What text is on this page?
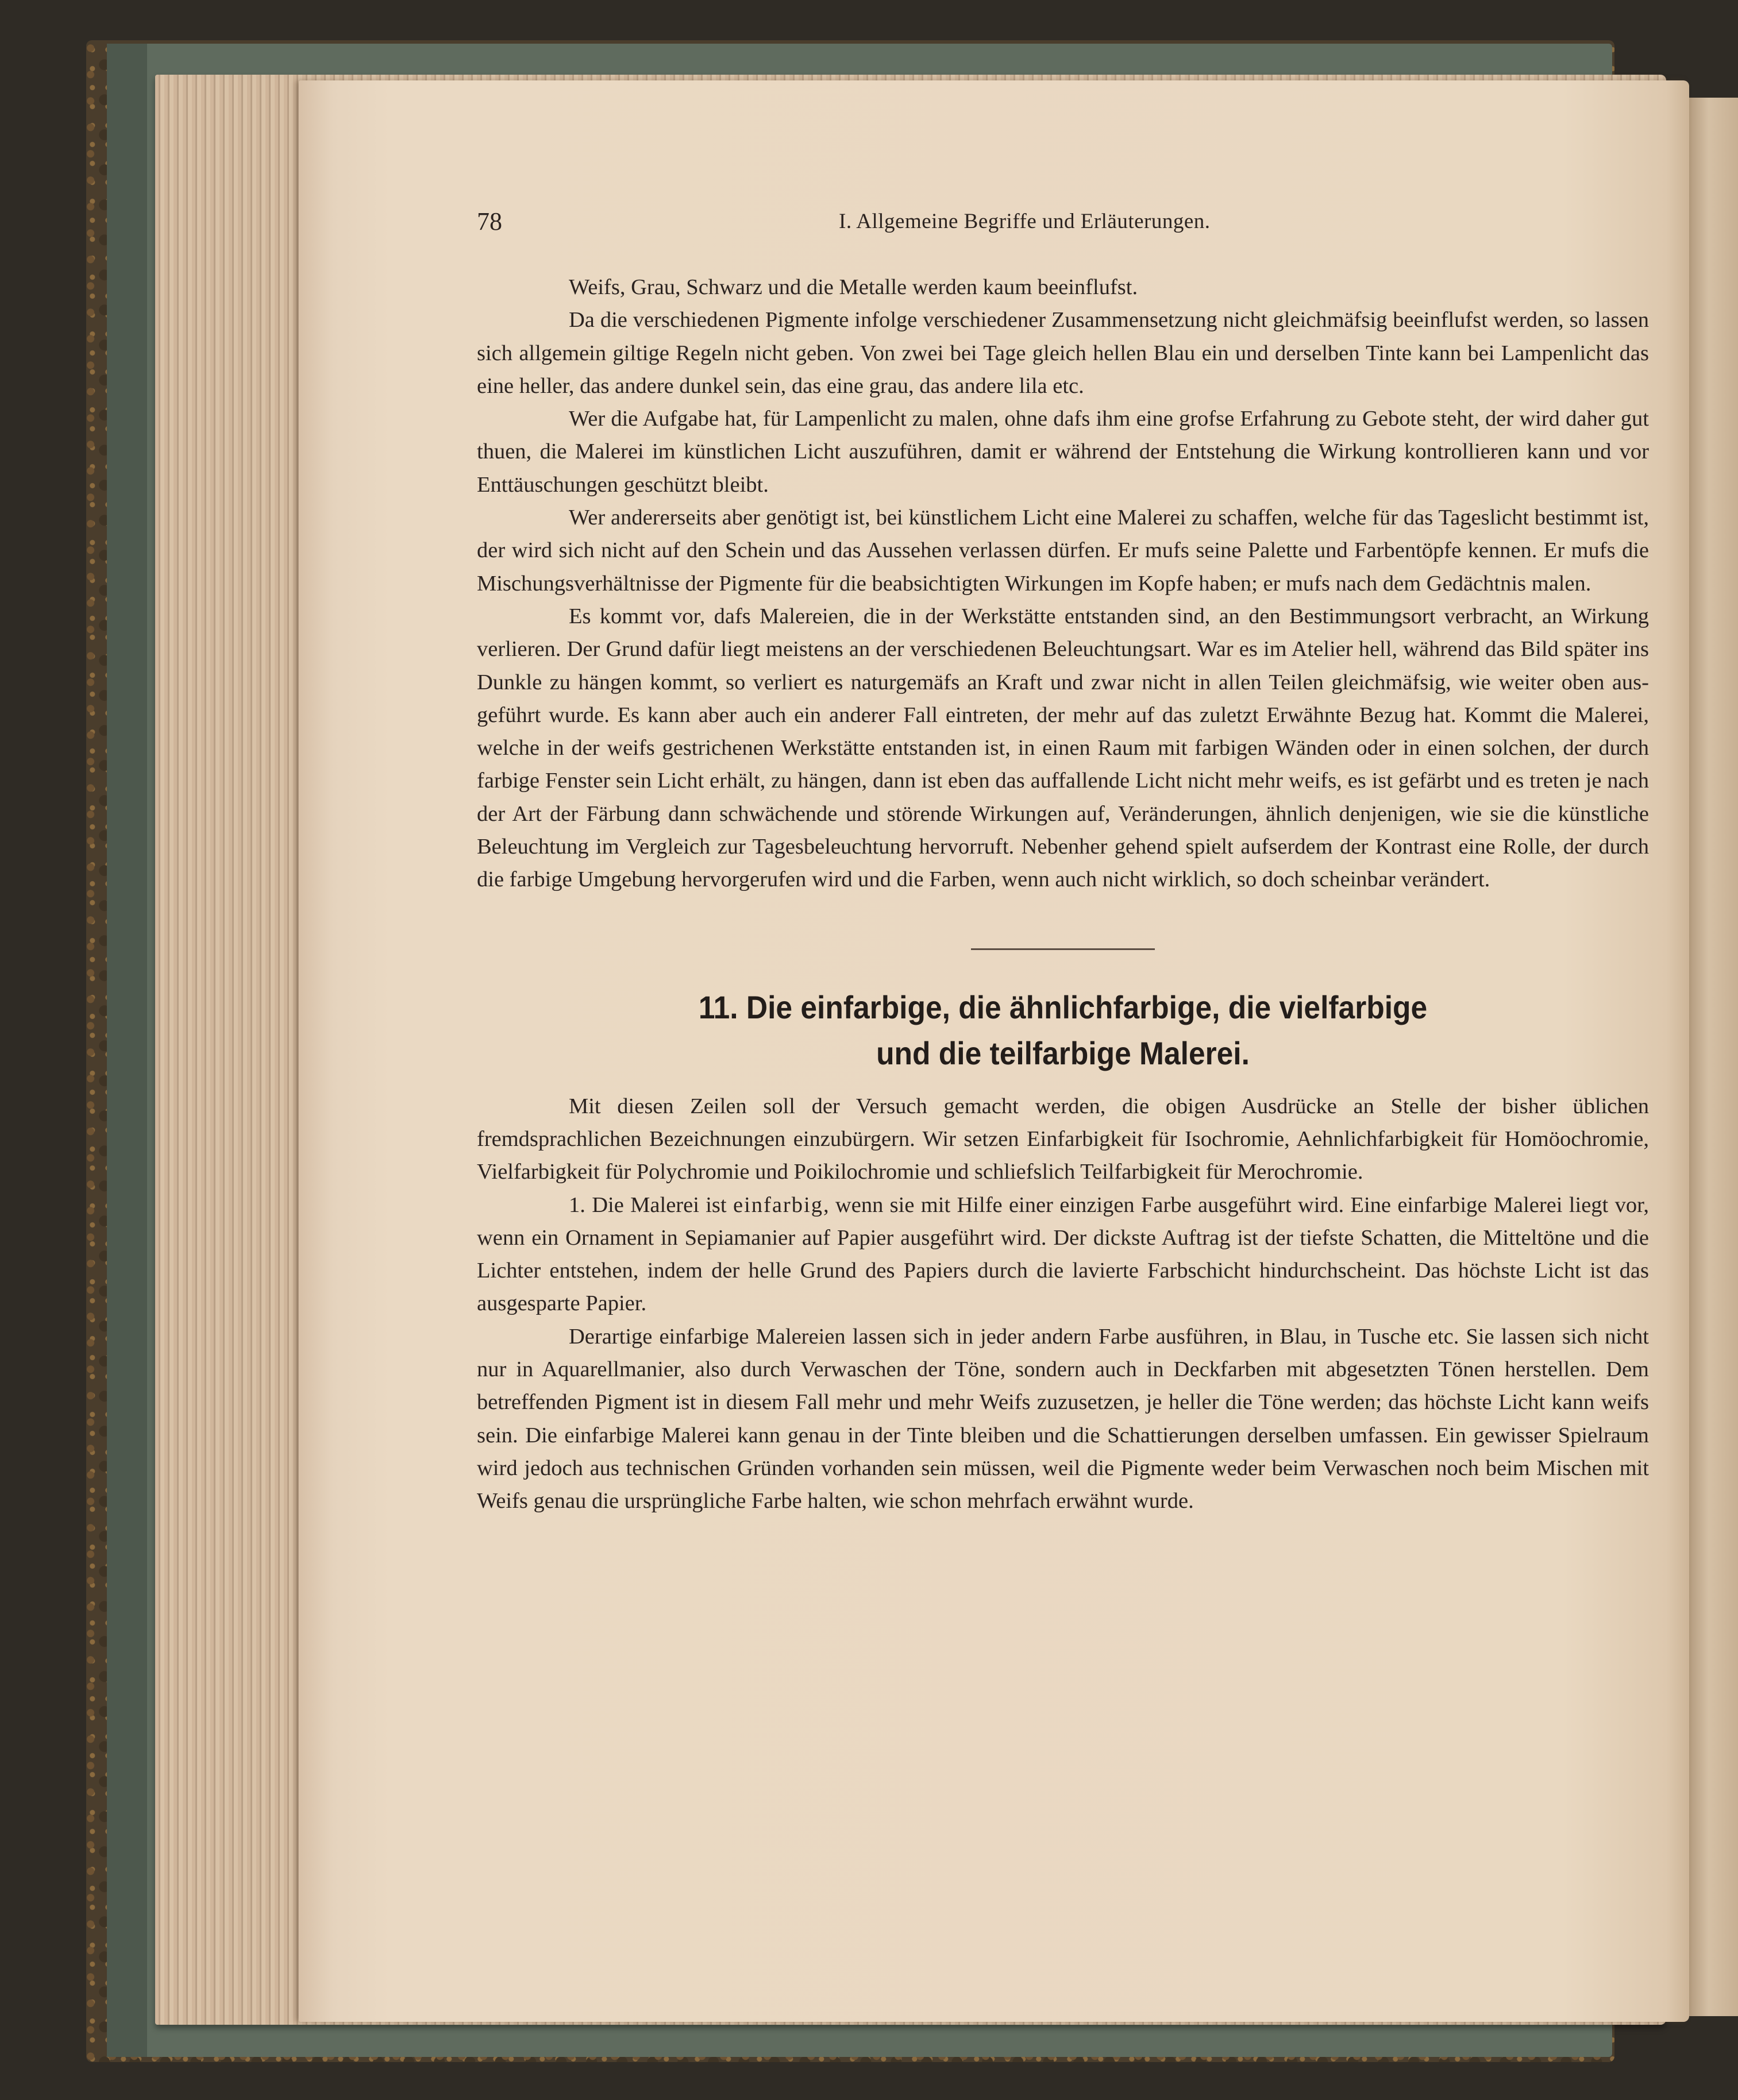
78	I. Allgemeine Begriffe und Erläuterungen.

Weifs, Grau, Schwarz und die Metalle werden kaum beeinflufst.

Da die verschiedenen Pigmente infolge verschiedener Zusammensetzung nicht gleichmäfsig beeinflufst werden, so lassen sich allgemein giltige Regeln nicht geben. Von zwei bei Tage gleich hellen Blau ein und derselben Tinte kann bei Lampenlicht das eine heller, das andere dunkel sein, das eine grau, das andere lila etc.

Wer die Aufgabe hat, für Lampenlicht zu malen, ohne dafs ihm eine grofse Erfahrung zu Gebote steht, der wird daher gut thuen, die Malerei im künstlichen Licht auszuführen, damit er während der Entstehung die Wirkung kontrollieren kann und vor Enttäuschungen geschützt bleibt.

Wer andererseits aber genötigt ist, bei künstlichem Licht eine Malerei zu schaffen, welche für das Tageslicht bestimmt ist, der wird sich nicht auf den Schein und das Aussehen verlassen dürfen. Er mufs seine Palette und Farbentöpfe kennen. Er mufs die Mischungsverhältnisse der Pigmente für die beabsichtigten Wirkungen im Kopfe haben; er mufs nach dem Gedächtnis malen.

Es kommt vor, dafs Malereien, die in der Werkstätte entstanden sind, an den Bestimmungsort verbracht, an Wirkung verlieren. Der Grund dafür liegt meistens an der verschiedenen Beleuchtungsart. War es im Atelier hell, während das Bild später ins Dunkle zu hängen kommt, so verliert es naturgemäfs an Kraft und zwar nicht in allen Teilen gleichmäfsig, wie weiter oben ausgeführt wurde. Es kann aber auch ein anderer Fall eintreten, der mehr auf das zuletzt Erwähnte Bezug hat. Kommt die Malerei, welche in der weifs gestrichenen Werkstätte entstanden ist, in einen Raum mit farbigen Wänden oder in einen solchen, der durch farbige Fenster sein Licht erhält, zu hängen, dann ist eben das auffallende Licht nicht mehr weifs, es ist gefärbt und es treten je nach der Art der Färbung dann schwächende und störende Wirkungen auf, Veränderungen, ähnlich denjenigen, wie sie die künstliche Beleuchtung im Vergleich zur Tagesbeleuchtung hervorruft. Nebenher gehend spielt aufserdem der Kontrast eine Rolle, der durch die farbige Umgebung hervorgerufen wird und die Farben, wenn auch nicht wirklich, so doch scheinbar verändert.

11. Die einfarbige, die ähnlichfarbige, die vielfarbige
und die teilfarbige Malerei.

Mit diesen Zeilen soll der Versuch gemacht werden, die obigen Ausdrücke an Stelle der bisher üblichen fremdsprachlichen Bezeichnungen einzubürgern. Wir setzen Einfarbigkeit für Isochromie, Aehnlichfarbigkeit für Homöochromie, Vielfarbigkeit für Polychromie und Poikilochromie und schliefslich Teilfarbigkeit für Merochromie.

1. Die Malerei ist einfarbig, wenn sie mit Hilfe einer einzigen Farbe ausgeführt wird. Eine einfarbige Malerei liegt vor, wenn ein Ornament in Sepiamanier auf Papier ausgeführt wird. Der dickste Auftrag ist der tiefste Schatten, die Mitteltöne und die Lichter entstehen, indem der helle Grund des Papiers durch die lavierte Farbschicht hindurchscheint. Das höchste Licht ist das ausgesparte Papier.

Derartige einfarbige Malereien lassen sich in jeder andern Farbe ausführen, in Blau, in Tusche etc. Sie lassen sich nicht nur in Aquarellmanier, also durch Verwaschen der Töne, sondern auch in Deckfarben mit abgesetzten Tönen herstellen. Dem betreffenden Pigment ist in diesem Fall mehr und mehr Weifs zuzusetzen, je heller die Töne werden; das höchste Licht kann weifs sein. Die einfarbige Malerei kann genau in der Tinte bleiben und die Schattierungen derselben umfassen. Ein gewisser Spielraum wird jedoch aus technischen Gründen vorhanden sein müssen, weil die Pigmente weder beim Verwaschen noch beim Mischen mit Weifs genau die ursprüngliche Farbe halten, wie schon mehrfach erwähnt wurde.
